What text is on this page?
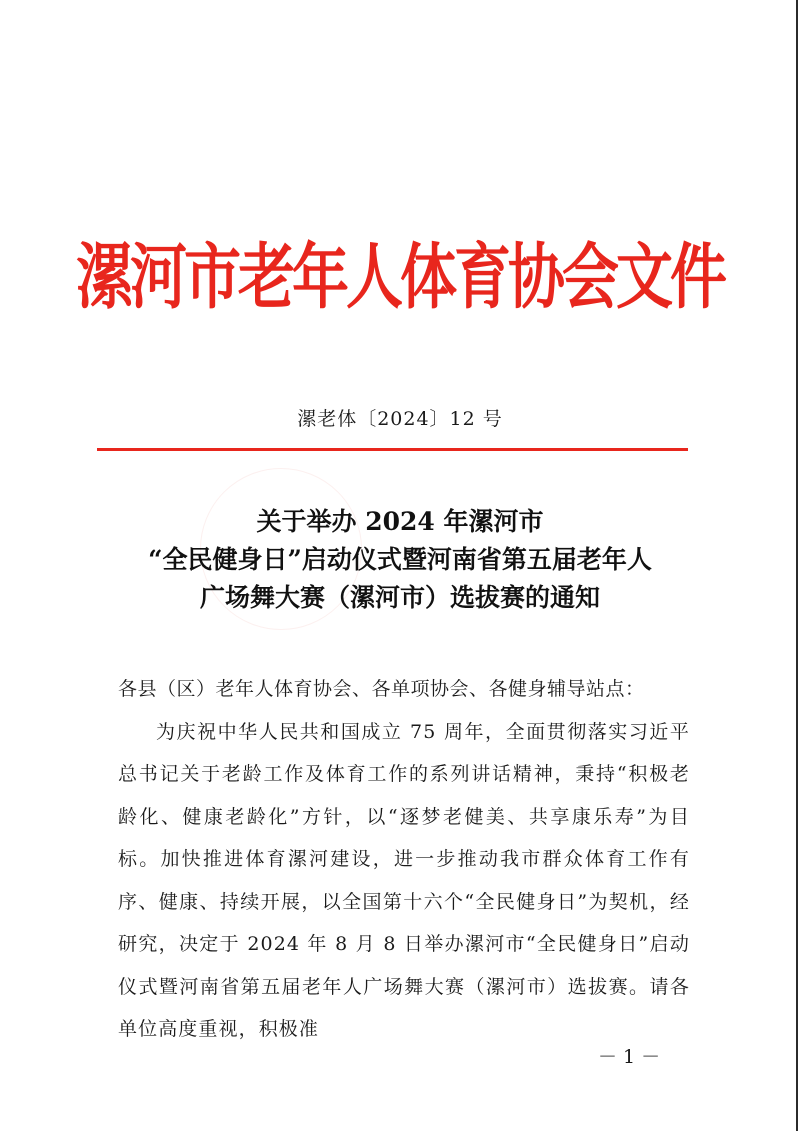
漯河市老年人体育协会文件
漯老体〔2024〕12 号
关于举办 2024 年漯河市
“全民健身日”启动仪式暨河南省第五届老年人
广场舞大赛（漯河市）选拔赛的通知

各县（区）老年人体育协会、各单项协会、各健身辅导站点：

为庆祝中华人民共和国成立 75 周年，全面贯彻落实习近平总书记关于老龄工作及体育工作的系列讲话精神，秉持“积极老龄化、健康老龄化”方针，以“逐梦老健美、共享康乐寿”为目标。加快推进体育漯河建设，进一步推动我市群众体育工作有序、健康、持续开展，以全国第十六个“全民健身日”为契机，经研究，决定于 2024 年 8 月 8 日举办漯河市“全民健身日”启动仪式暨河南省第五届老年人广场舞大赛（漯河市）选拔赛。请各单位高度重视，积极准

－ 1 －
